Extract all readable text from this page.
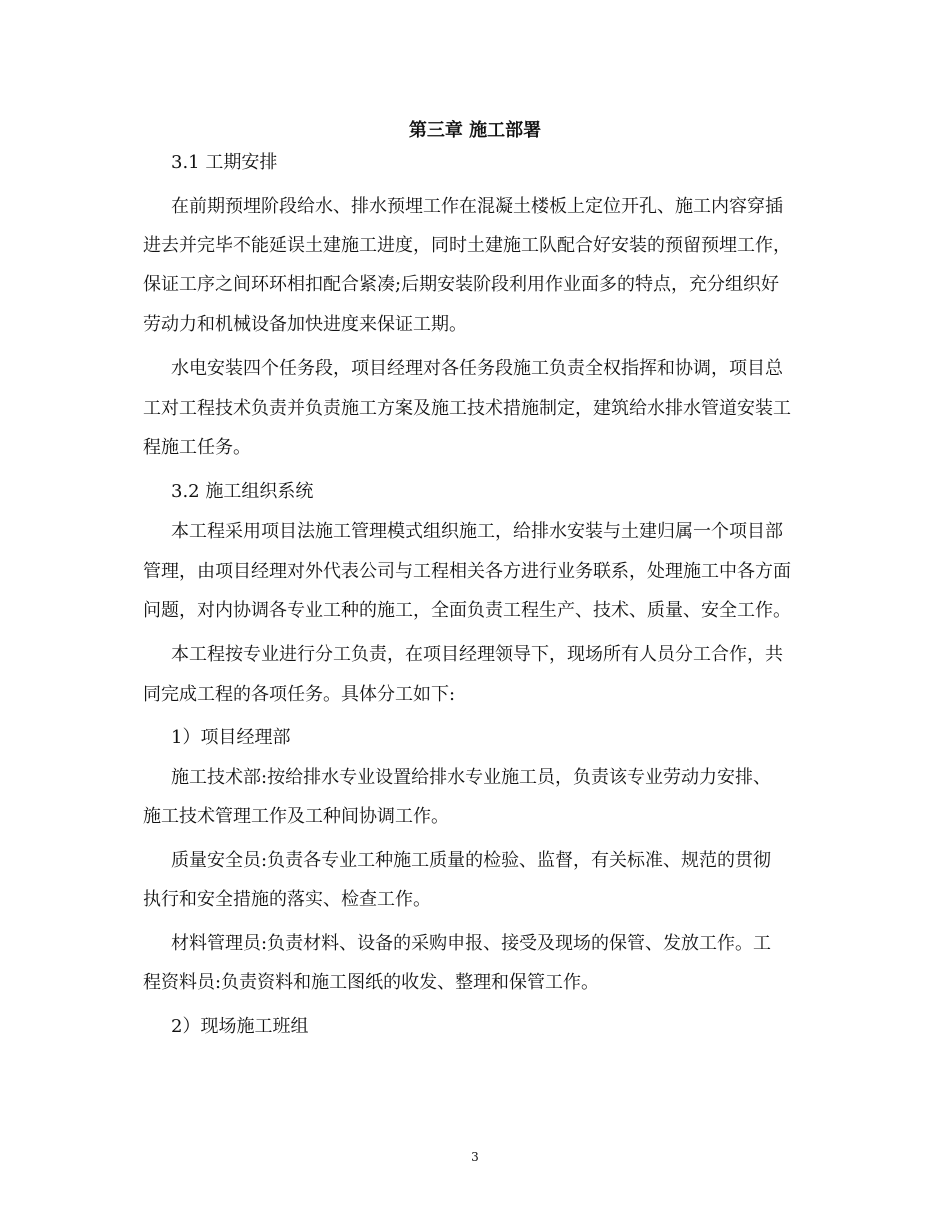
第三章 施工部署
3.1 工期安排
在前期预埋阶段给水、排水预埋工作在混凝土楼板上定位开孔、施工内容穿插
进去并完毕不能延误土建施工进度，同时土建施工队配合好安装的预留预埋工作，
保证工序之间环环相扣配合紧凑;后期安装阶段利用作业面多的特点，充分组织好
劳动力和机械设备加快进度来保证工期。
水电安装四个任务段，项目经理对各任务段施工负责全权指挥和协调，项目总
工对工程技术负责并负责施工方案及施工技术措施制定，建筑给水排水管道安装工
程施工任务。
3.2 施工组织系统
本工程采用项目法施工管理模式组织施工，给排水安装与土建归属一个项目部
管理，由项目经理对外代表公司与工程相关各方进行业务联系，处理施工中各方面
问题，对内协调各专业工种的施工，全面负责工程生产、技术、质量、安全工作。
本工程按专业进行分工负责，在项目经理领导下，现场所有人员分工合作，共
同完成工程的各项任务。具体分工如下:
1）项目经理部
施工技术部:按给排水专业设置给排水专业施工员，负责该专业劳动力安排、
施工技术管理工作及工种间协调工作。
质量安全员:负责各专业工种施工质量的检验、监督，有关标准、规范的贯彻
执行和安全措施的落实、检查工作。
材料管理员:负责材料、设备的采购申报、接受及现场的保管、发放工作。工
程资料员:负责资料和施工图纸的收发、整理和保管工作。
2）现场施工班组
3
